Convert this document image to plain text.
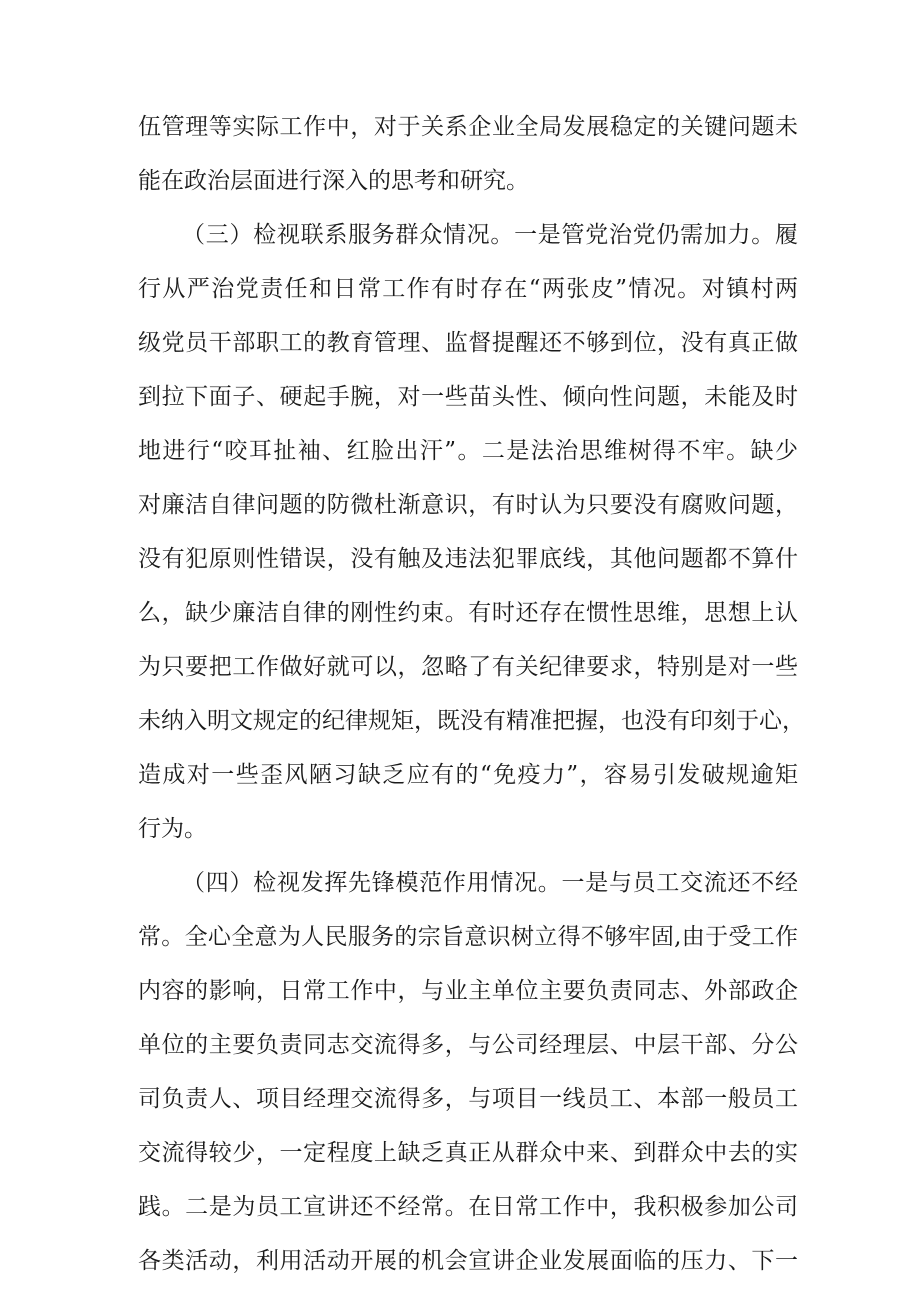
伍管理等实际工作中，对于关系企业全局发展稳定的关键问题未
能在政治层面进行深入的思考和研究。
（三）检视联系服务群众情况。一是管党治党仍需加力。履
行从严治党责任和日常工作有时存在“两张皮”情况。对镇村两
级党员干部职工的教育管理、监督提醒还不够到位，没有真正做
到拉下面子、硬起手腕，对一些苗头性、倾向性问题，未能及时
地进行“咬耳扯袖、红脸出汗”。二是法治思维树得不牢。缺少
对廉洁自律问题的防微杜渐意识，有时认为只要没有腐败问题，
没有犯原则性错误，没有触及违法犯罪底线，其他问题都不算什
么，缺少廉洁自律的刚性约束。有时还存在惯性思维，思想上认
为只要把工作做好就可以，忽略了有关纪律要求，特别是对一些
未纳入明文规定的纪律规矩，既没有精准把握，也没有印刻于心，
造成对一些歪风陋习缺乏应有的“免疫力”，容易引发破规逾矩
行为。
（四）检视发挥先锋模范作用情况。一是与员工交流还不经
常。全心全意为人民服务的宗旨意识树立得不够牢固,由于受工作
内容的影响，日常工作中，与业主单位主要负责同志、外部政企
单位的主要负责同志交流得多，与公司经理层、中层干部、分公
司负责人、项目经理交流得多，与项目一线员工、本部一般员工
交流得较少，一定程度上缺乏真正从群众中来、到群众中去的实
践。二是为员工宣讲还不经常。在日常工作中，我积极参加公司
各类活动，利用活动开展的机会宣讲企业发展面临的压力、下一
